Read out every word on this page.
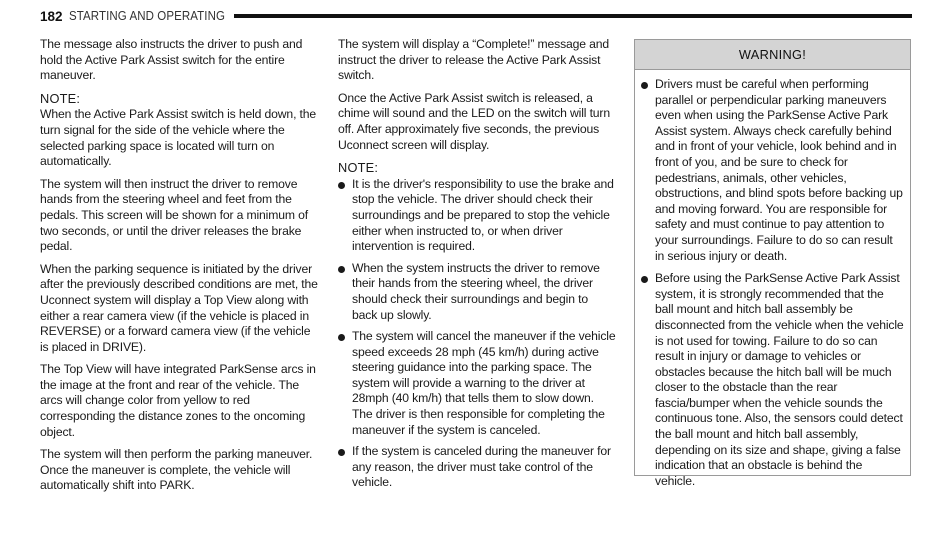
182 STARTING AND OPERATING

The message also instructs the driver to push and hold the Active Park Assist switch for the entire maneuver.

NOTE:

When the Active Park Assist switch is held down, the turn signal for the side of the vehicle where the selected parking space is located will turn on automatically.

The system will then instruct the driver to remove hands from the steering wheel and feet from the pedals. This screen will be shown for a minimum of two seconds, or until the driver releases the brake pedal.

When the parking sequence is initiated by the driver after the previously described conditions are met, the Uconnect system will display a Top View along with either a rear camera view (if the vehicle is placed in REVERSE) or a forward camera view (if the vehicle is placed in DRIVE).

The Top View will have integrated ParkSense arcs in the image at the front and rear of the vehicle. The arcs will change color from yellow to red corresponding the distance zones to the oncoming object.

The system will then perform the parking maneuver. Once the maneuver is complete, the vehicle will automatically shift into PARK.

The system will display a “Complete!” message and instruct the driver to release the Active Park Assist switch.

Once the Active Park Assist switch is released, a chime will sound and the LED on the switch will turn off. After approximately five seconds, the previous Uconnect screen will display.

NOTE:
It is the driver's responsibility to use the brake and stop the vehicle. The driver should check their surroundings and be prepared to stop the vehicle either when instructed to, or when driver intervention is required.
When the system instructs the driver to remove their hands from the steering wheel, the driver should check their surroundings and begin to back up slowly.
The system will cancel the maneuver if the vehicle speed exceeds 28 mph (45 km/h) during active steering guidance into the parking space. The system will provide a warning to the driver at 28mph (40 km/h) that tells them to slow down. The driver is then responsible for completing the maneuver if the system is canceled.
If the system is canceled during the maneuver for any reason, the driver must take control of the vehicle.
WARNING!
Drivers must be careful when performing parallel or perpendicular parking maneuvers even when using the ParkSense Active Park Assist system. Always check carefully behind and in front of your vehicle, look behind and in front of you, and be sure to check for pedestrians, animals, other vehicles, obstructions, and blind spots before backing up and moving forward. You are responsible for safety and must continue to pay attention to your surroundings. Failure to do so can result in serious injury or death.
Before using the ParkSense Active Park Assist system, it is strongly recommended that the ball mount and hitch ball assembly be disconnected from the vehicle when the vehicle is not used for towing. Failure to do so can result in injury or damage to vehicles or obstacles because the hitch ball will be much closer to the obstacle than the rear fascia/bumper when the vehicle sounds the continuous tone. Also, the sensors could detect the ball mount and hitch ball assembly, depending on its size and shape, giving a false indication that an obstacle is behind the vehicle.
